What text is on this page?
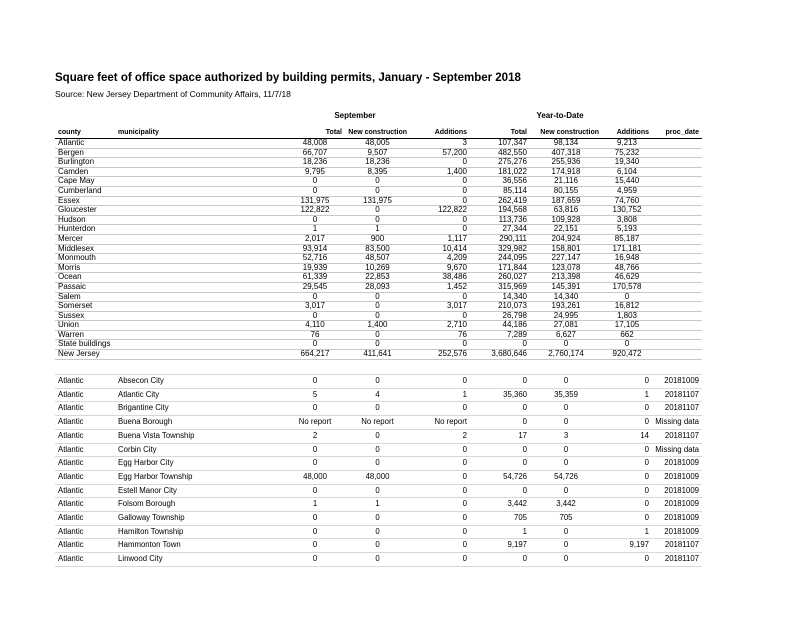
Square feet of office space authorized by building permits, January - September 2018
Source: New Jersey Department of Community Affairs, 11/7/18
September	Year-to-Date
county	municipality	Total	New construction	Additions	Total	New construction	Additions	proc_date
Atlantic		48,008	48,005	3	107,347	98,134	9,213	
Bergen		66,707	9,507	57,200	482,550	407,318	75,232	
Burlington		18,236	18,236	0	275,276	255,936	19,340	
Camden		9,795	8,395	1,400	181,022	174,918	6,104	
Cape May		0	0	0	36,556	21,116	15,440	
Cumberland		0	0	0	85,114	80,155	4,959	
Essex		131,975	131,975	0	262,419	187,659	74,760	
Gloucester		122,822	0	122,822	194,568	63,816	130,752	
Hudson		0	0	0	113,736	109,928	3,808	
Hunterdon		1	1	0	27,344	22,151	5,193	
Mercer		2,017	900	1,117	290,111	204,924	85,187	
Middlesex		93,914	83,500	10,414	329,982	158,801	171,181	
Monmouth		52,716	48,507	4,209	244,095	227,147	16,948	
Morris		19,939	10,269	9,670	171,844	123,078	48,766	
Ocean		61,339	22,853	38,486	260,027	213,398	46,629	
Passaic		29,545	28,093	1,452	315,969	145,391	170,578	
Salem		0	0	0	14,340	14,340	0	
Somerset		3,017	0	3,017	210,073	193,261	16,812	
Sussex		0	0	0	26,798	24,995	1,803	
Union		4,110	1,400	2,710	44,186	27,081	17,105	
Warren		76	0	76	7,289	6,627	662	
State buildings		0	0	0	0	0	0	
New Jersey		664,217	411,641	252,576	3,680,646	2,760,174	920,472	

Atlantic	Absecon City	0	0	0	0	0	0	20181009
Atlantic	Atlantic City	5	4	1	35,360	35,359	1	20181107
Atlantic	Brigantine City	0	0	0	0	0	0	20181107
Atlantic	Buena Borough	No report	No report	No report	0	0	0	Missing data
Atlantic	Buena Vista Township	2	0	2	17	3	14	20181107
Atlantic	Corbin City	0	0	0	0	0	0	Missing data
Atlantic	Egg Harbor City	0	0	0	0	0	0	20181009
Atlantic	Egg Harbor Township	48,000	48,000	0	54,726	54,726	0	20181009
Atlantic	Estell Manor City	0	0	0	0	0	0	20181009
Atlantic	Folsom Borough	1	1	0	3,442	3,442	0	20181009
Atlantic	Galloway Township	0	0	0	705	705	0	20181009
Atlantic	Hamilton Township	0	0	0	1	0	1	20181009
Atlantic	Hammonton Town	0	0	0	9,197	0	9,197	20181107
Atlantic	Linwood City	0	0	0	0	0	0	20181107
